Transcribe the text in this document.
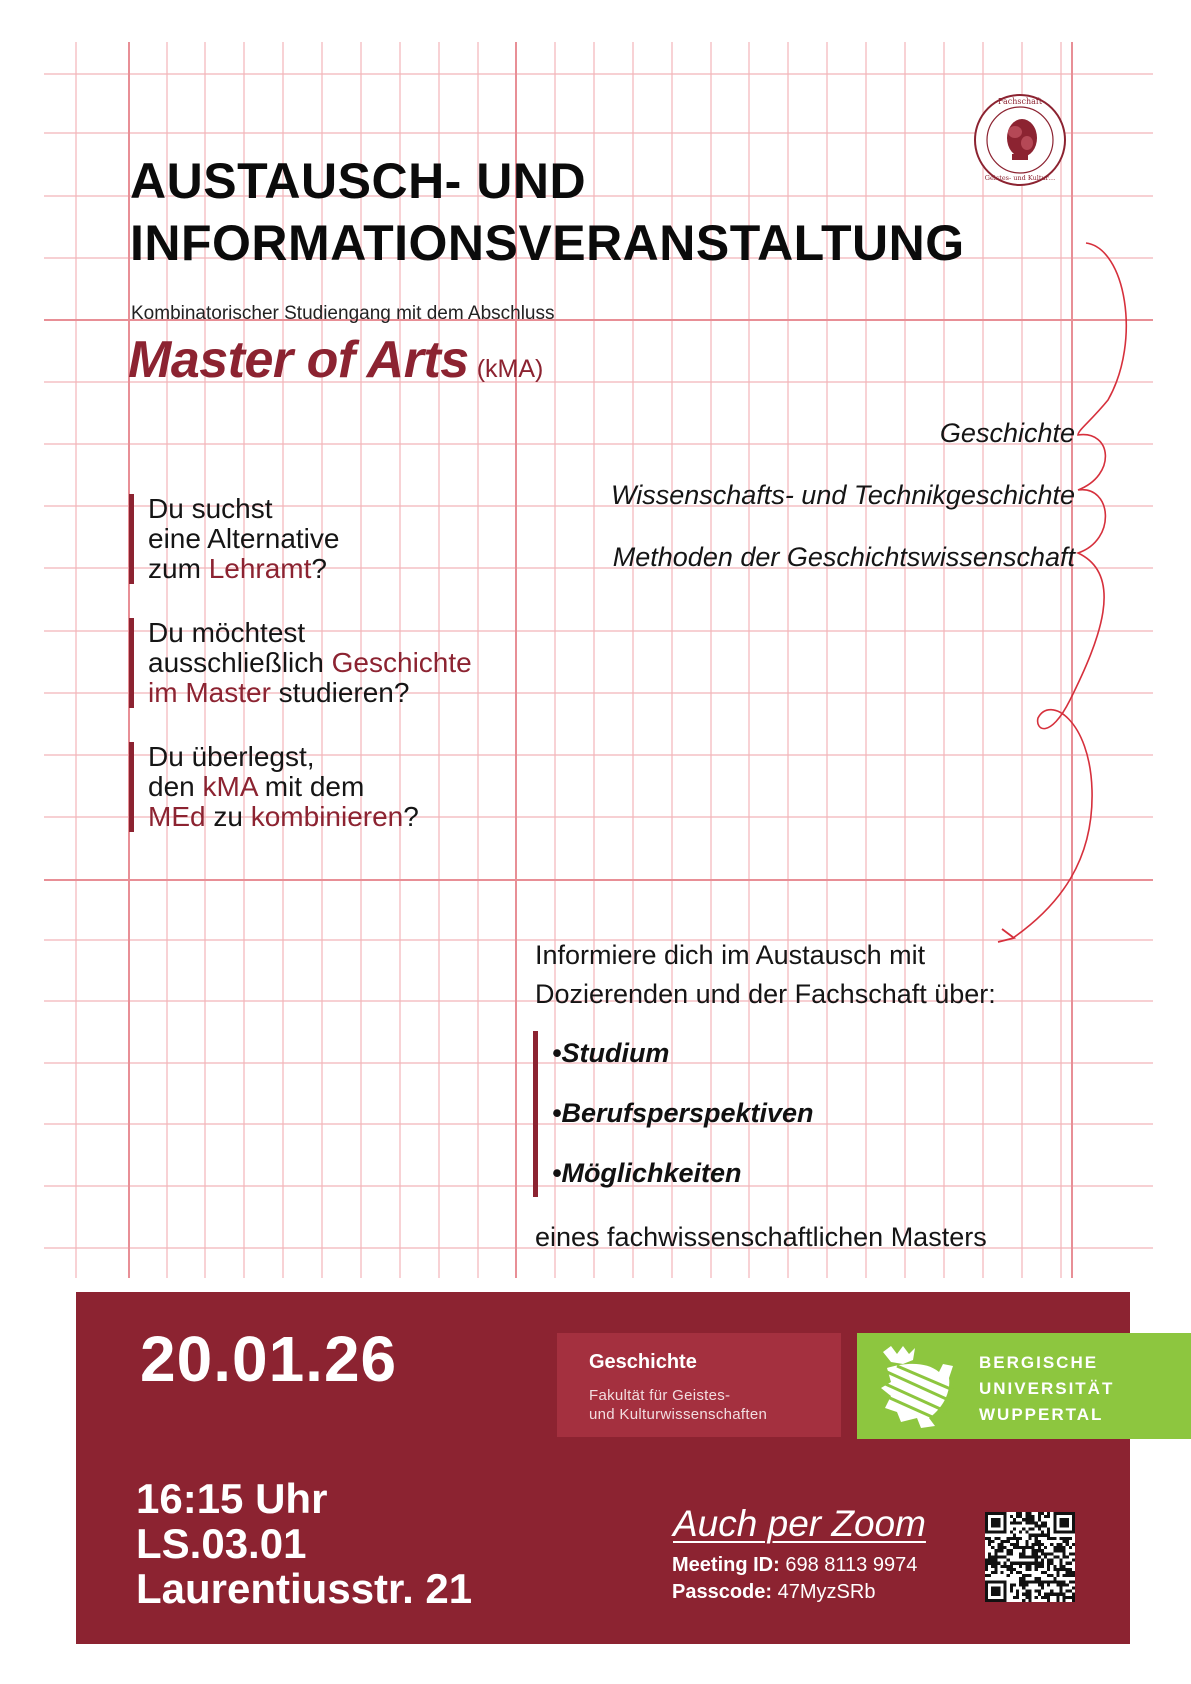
Fachschaft
Geistes- und Kultur…
AUSTAUSCH- UND
INFORMATIONSVERANSTALTUNG
Kombinatorischer Studiengang mit dem Abschluss
Master of Arts (kMA)
Geschichte
Wissenschafts- und Technikgeschichte
Methoden der Geschichtswissenschaft
Du suchst
eine Alternative
zum Lehramt?
Du möchtest
ausschließlich Geschichte
im Master studieren?
Du überlegst,
den kMA mit dem
MEd zu kombinieren?
Informiere dich im Austausch mit
Dozierenden und der Fachschaft über:
•Studium
•Berufsperspektiven
•Möglichkeiten
eines fachwissenschaftlichen Masters
20.01.26
16:15 Uhr
LS.03.01
Laurentiusstr. 21
Geschichte
Fakultät für Geistes-
und Kulturwissenschaften
BERGISCHE
UNIVERSITÄT
WUPPERTAL
Auch per Zoom
Meeting ID: 698 8113 9974
Passcode: 47MyzSRb
